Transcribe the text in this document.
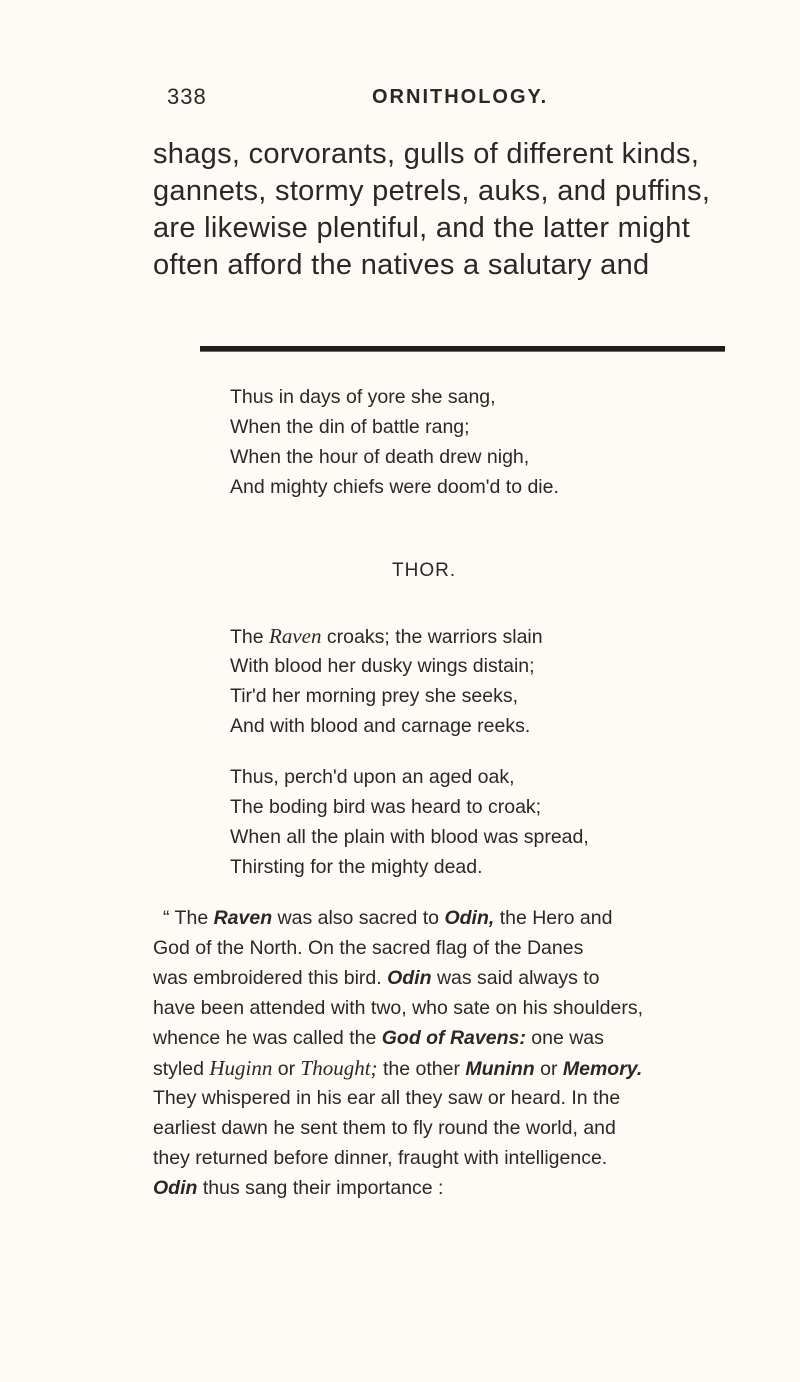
338	ORNITHOLOGY.
shags, corvorants, gulls of different kinds,
gannets, stormy petrels, auks, and puffins,
are likewise plentiful, and the latter might
often afford the natives a salutary and
Thus in days of yore she sang,
When the din of battle rang;
When the hour of death drew nigh,
And mighty chiefs were doom'd to die.
THOR.
The Raven croaks; the warriors slain
With blood her dusky wings distain;
Tir'd her morning prey she seeks,
And with blood and carnage reeks.
Thus, perch'd upon an aged oak,
The boding bird was heard to croak;
When all the plain with blood was spread,
Thirsting for the mighty dead.
“ The Raven was also sacred to Odin, the Hero and
God of the North. On the sacred flag of the Danes
was embroidered this bird. Odin was said always to
have been attended with two, who sate on his shoulders,
whence he was called the God of Ravens: one was
styled Huginn or Thought; the other Muninn or Memory.
They whispered in his ear all they saw or heard. In the
earliest dawn he sent them to fly round the world, and
they returned before dinner, fraught with intelligence.
Odin thus sang their importance :
